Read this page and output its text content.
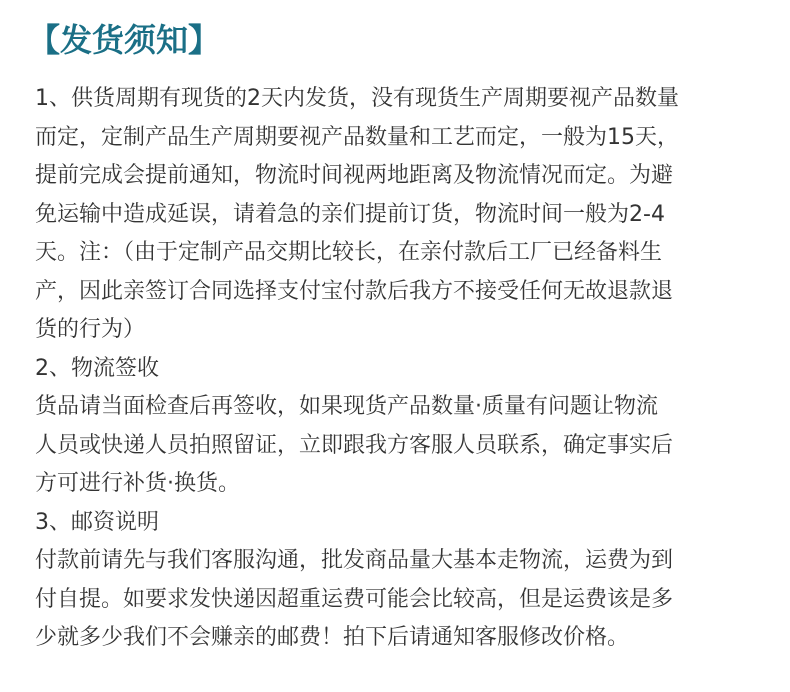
【发货须知】
1、供货周期有现货的2天内发货，没有现货生产周期要视产品数量
而定，定制产品生产周期要视产品数量和工艺而定，一般为15天，
提前完成会提前通知，物流时间视两地距离及物流情况而定。为避
免运输中造成延误，请着急的亲们提前订货，物流时间一般为2-4
天。注：（由于定制产品交期比较长，在亲付款后工厂已经备料生
产，因此亲签订合同选择支付宝付款后我方不接受任何无故退款退
货的行为）
2、物流签收
货品请当面检查后再签收，如果现货产品数量·质量有问题让物流
人员或快递人员拍照留证，立即跟我方客服人员联系，确定事实后
方可进行补货·换货。
3、邮资说明
付款前请先与我们客服沟通，批发商品量大基本走物流，运费为到
付自提。如要求发快递因超重运费可能会比较高，但是运费该是多
少就多少我们不会赚亲的邮费！拍下后请通知客服修改价格。
